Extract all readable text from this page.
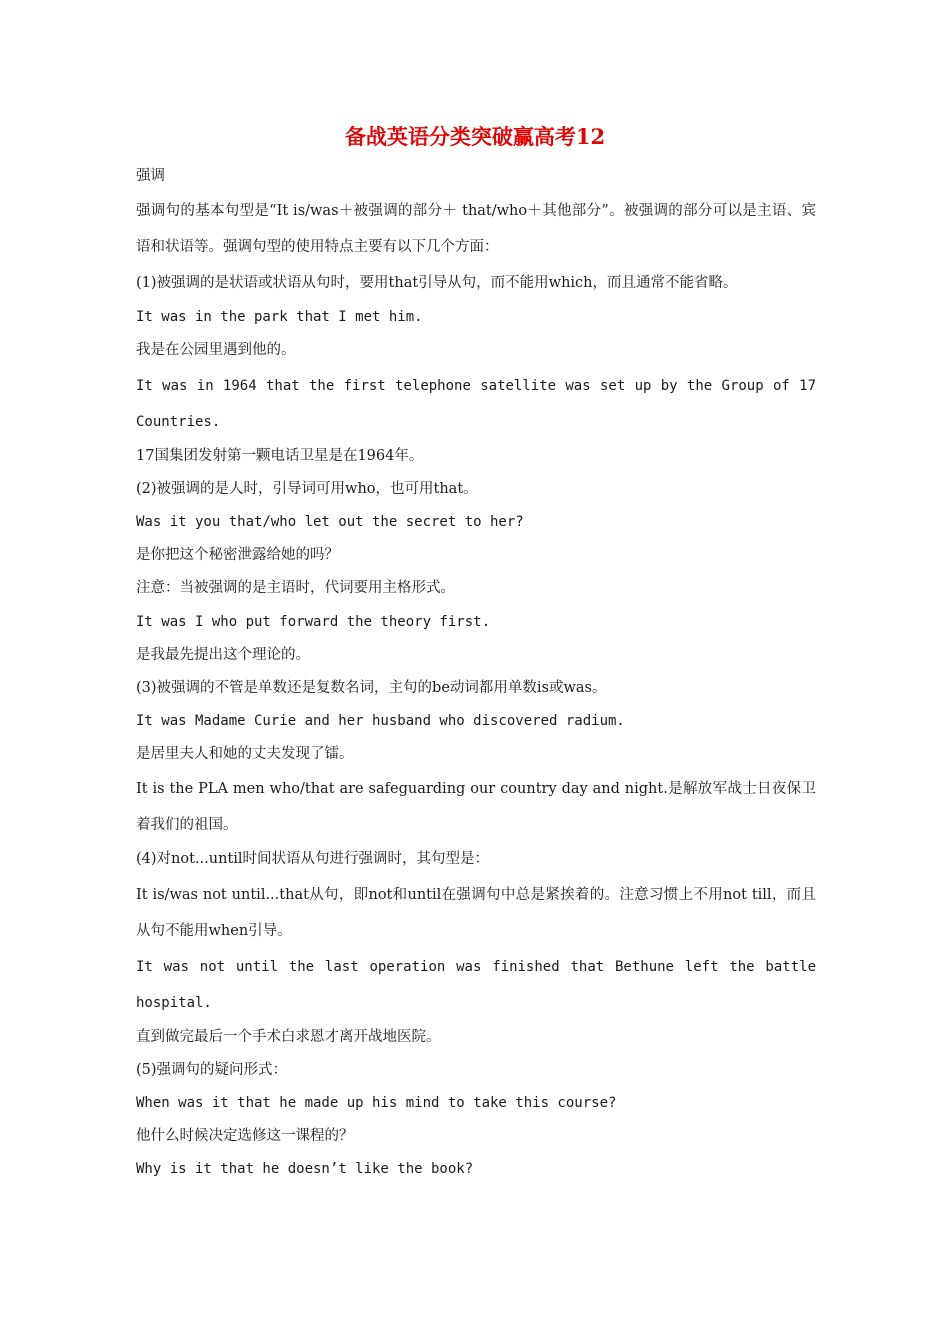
备战英语分类突破赢高考12
强调
强调句的基本句型是“It is/was＋被强调的部分＋ that/who＋其他部分”。被强调的部分可以是主语、宾语和状语等。强调句型的使用特点主要有以下几个方面：
(1)被强调的是状语或状语从句时，要用that引导从句，而不能用which，而且通常不能省略。
It was in the park that I met him.
我是在公园里遇到他的。
It was in 1964 that the first telephone satellite was set up by the Group of 17 Countries.
17国集团发射第一颗电话卫星是在1964年。
(2)被强调的是人时，引导词可用who，也可用that。
Was it you that/who let out the secret to her?
是你把这个秘密泄露给她的吗？
注意：当被强调的是主语时，代词要用主格形式。
It was I who put forward the theory first.
是我最先提出这个理论的。
(3)被强调的不管是单数还是复数名词，主句的be动词都用单数is或was。
It was Madame Curie and her husband who discovered radium.
是居里夫人和她的丈夫发现了镭。
It is the PLA men who/that are safeguarding our country day and night.是解放军战士日夜保卫着我们的祖国。
(4)对not...until时间状语从句进行强调时，其句型是：
It is/was not until...that从句，即not和until在强调句中总是紧挨着的。注意习惯上不用not till，而且从句不能用when引导。
It was not until the last operation was finished that Bethune left the battle hospital.
直到做完最后一个手术白求恩才离开战地医院。
(5)强调句的疑问形式：
When was it that he made up his mind to take this course?
他什么时候决定选修这一课程的？
Why is it that he doesn’t like the book?
